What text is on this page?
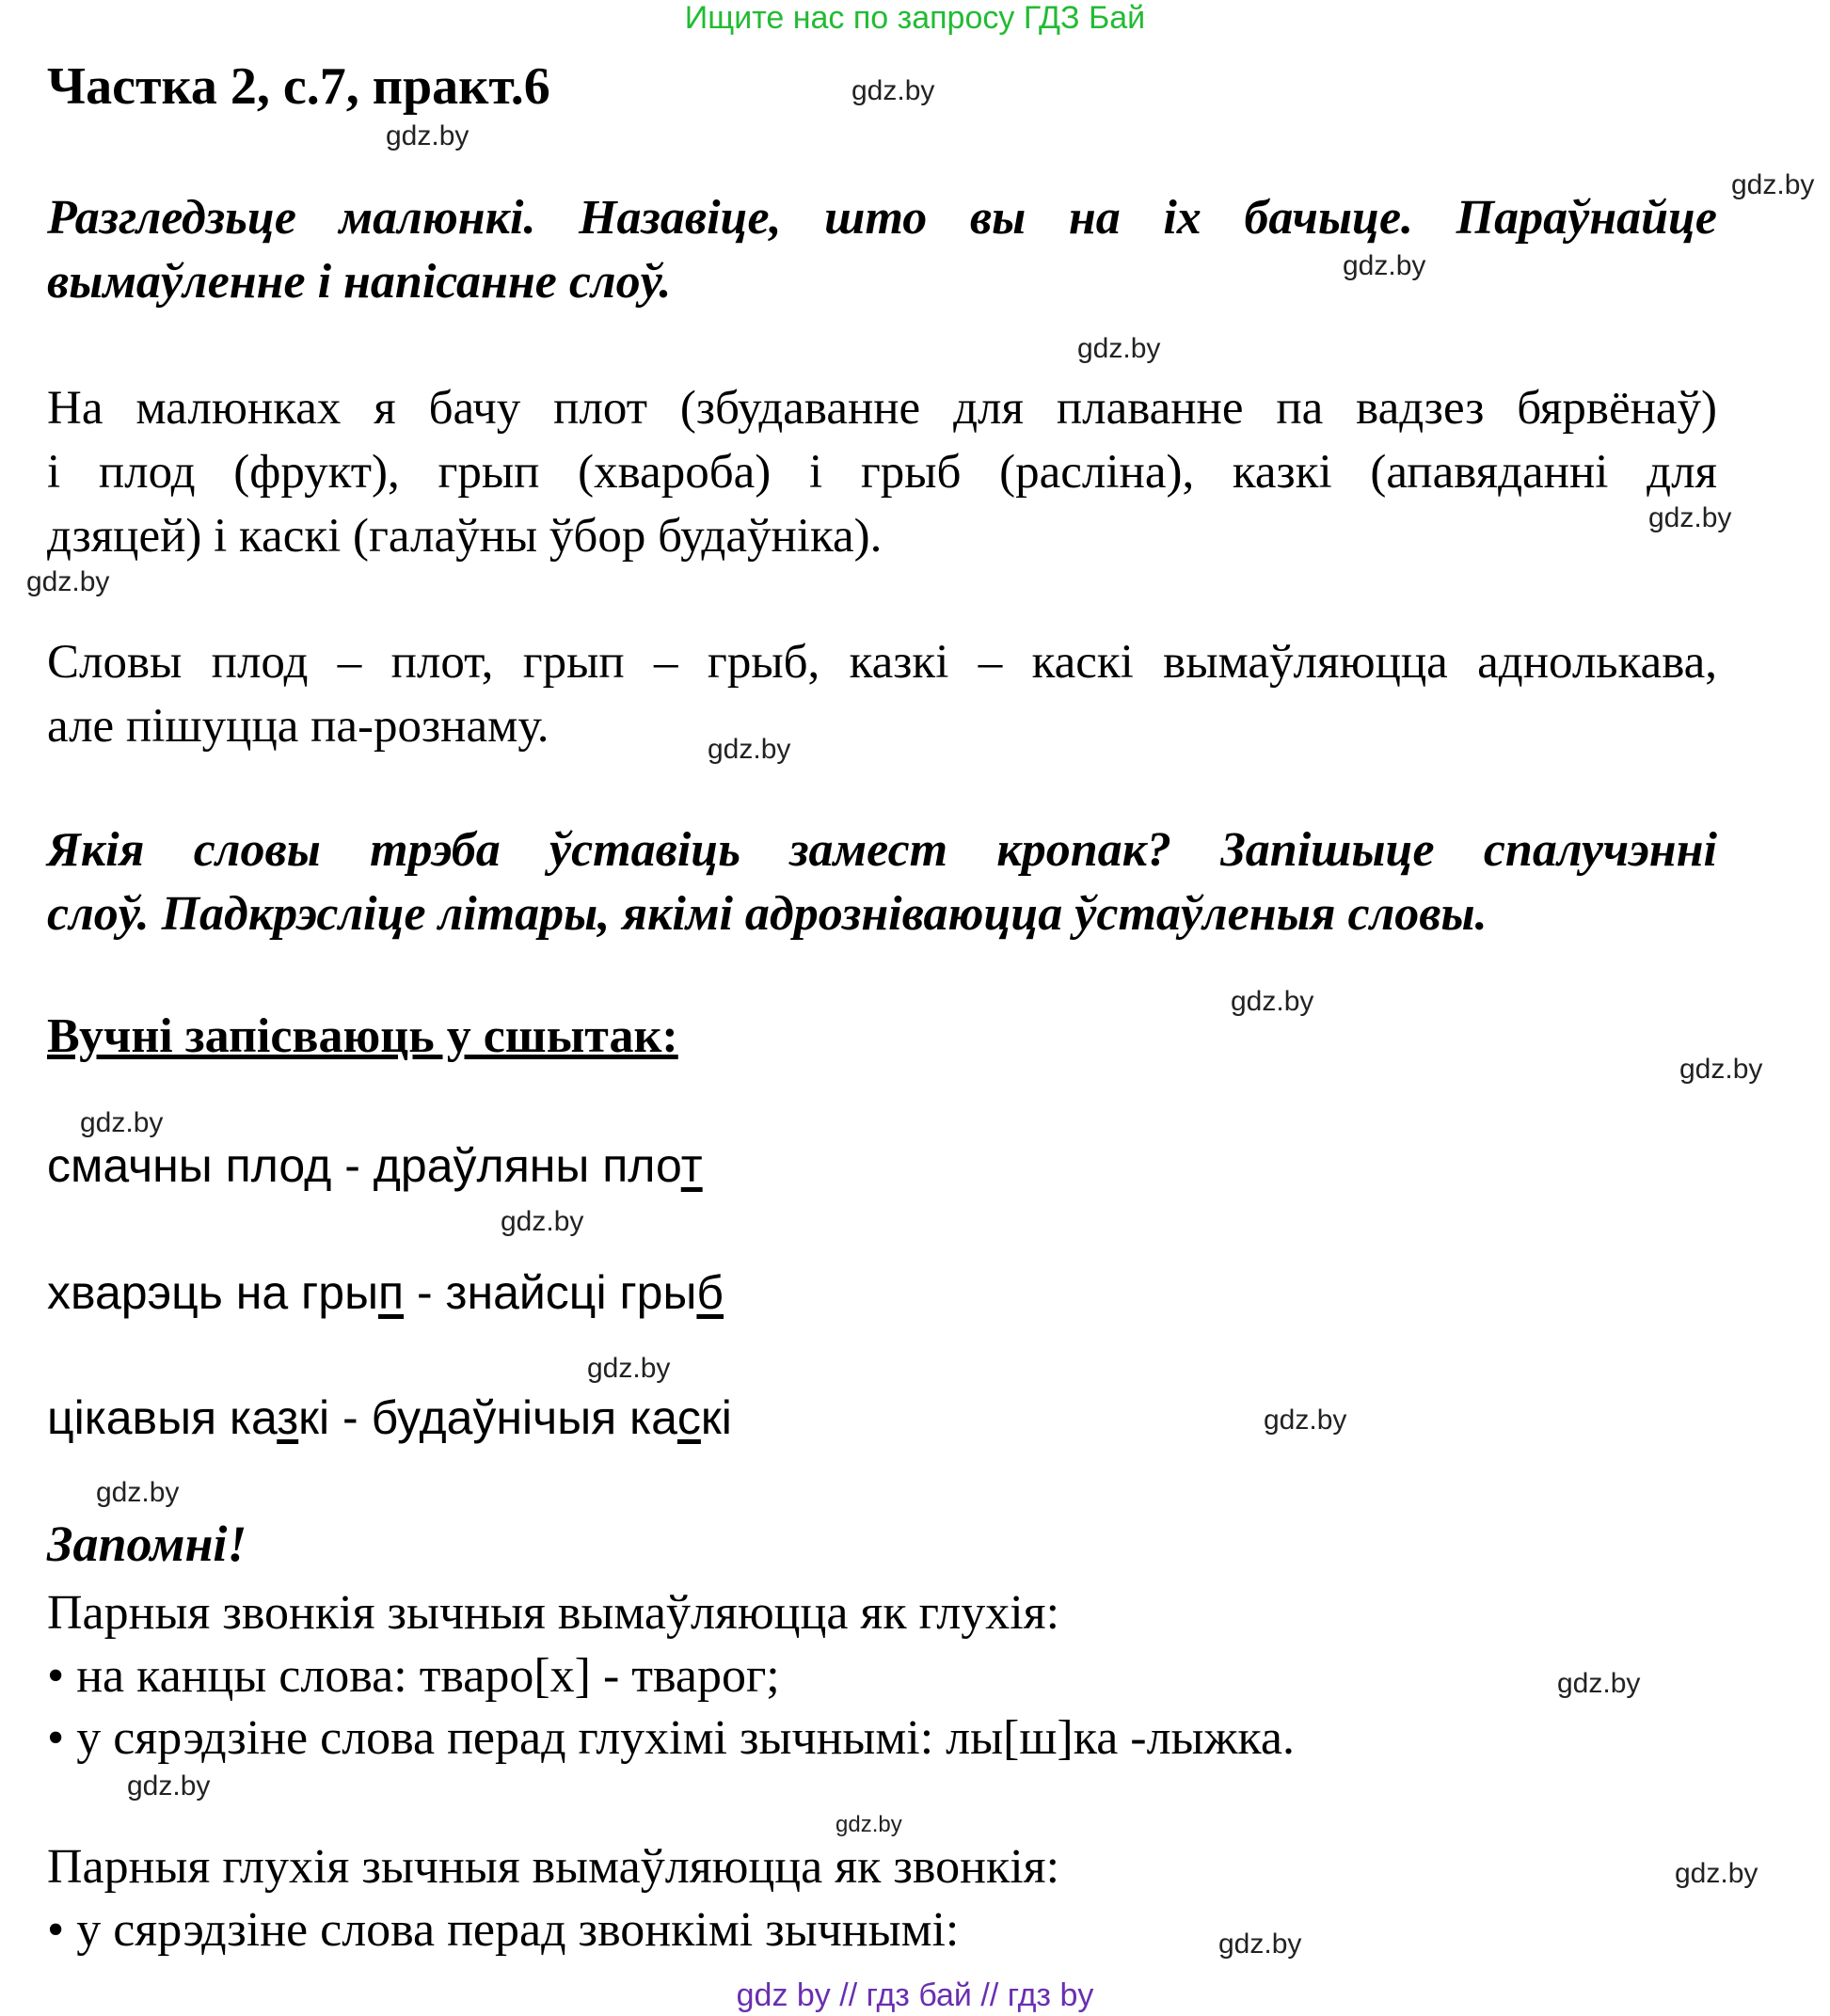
Ищите нас по запросу ГДЗ Бай
Частка 2, с.7, практ.6
Разгледзьце малюнкі. Назавіце, што вы на іх бачыце. Параўнайце
вымаўленне і напісанне слоў.
На малюнках я бачу плот (збудаванне для плаванне па вадзез бярвёнаў)
і плод (фрукт), грып (хвароба) і грыб (расліна), казкі (апавяданні для
дзяцей) і каскі (галаўны ўбор будаўніка).
Словы плод – плот, грып – грыб, казкі – каскі вымаўляюцца аднолькава,
але пішуцца па-рознаму.
Якія словы трэба ўставіць замест кропак? Запішыце спалучэнні
слоў. Падкрэсліце літары, якімі адрозніваюцца ўстаўленыя словы.
Вучні запісваюць у сшытак:
смачны плод - драўляны плот
хварэць на грып - знайсці грыб
цікавыя казкі - будаўнічыя каскі
Запомні!
Парныя звонкія зычныя вымаўляюцца як глухія:
• на канцы слова: твар​о[х] - тварог;
• у сярэдзіне слова перад глухімі зычнымі: лы[ш]ка -лыжка.
Парныя глухія зычныя вымаўляюцца як звонкія:
• у сярэдзіне слова перад звонкімі зычнымі:
gdz.by
gdz.by
gdz.by
gdz.by
gdz.by
gdz.by
gdz.by
gdz.by
gdz.by
gdz.by
gdz.by
gdz.by
gdz.by
gdz.by
gdz.by
gdz.by
gdz.by
gdz.by
gdz.by
gdz.by
gdz by // гдз бай // гдз by
